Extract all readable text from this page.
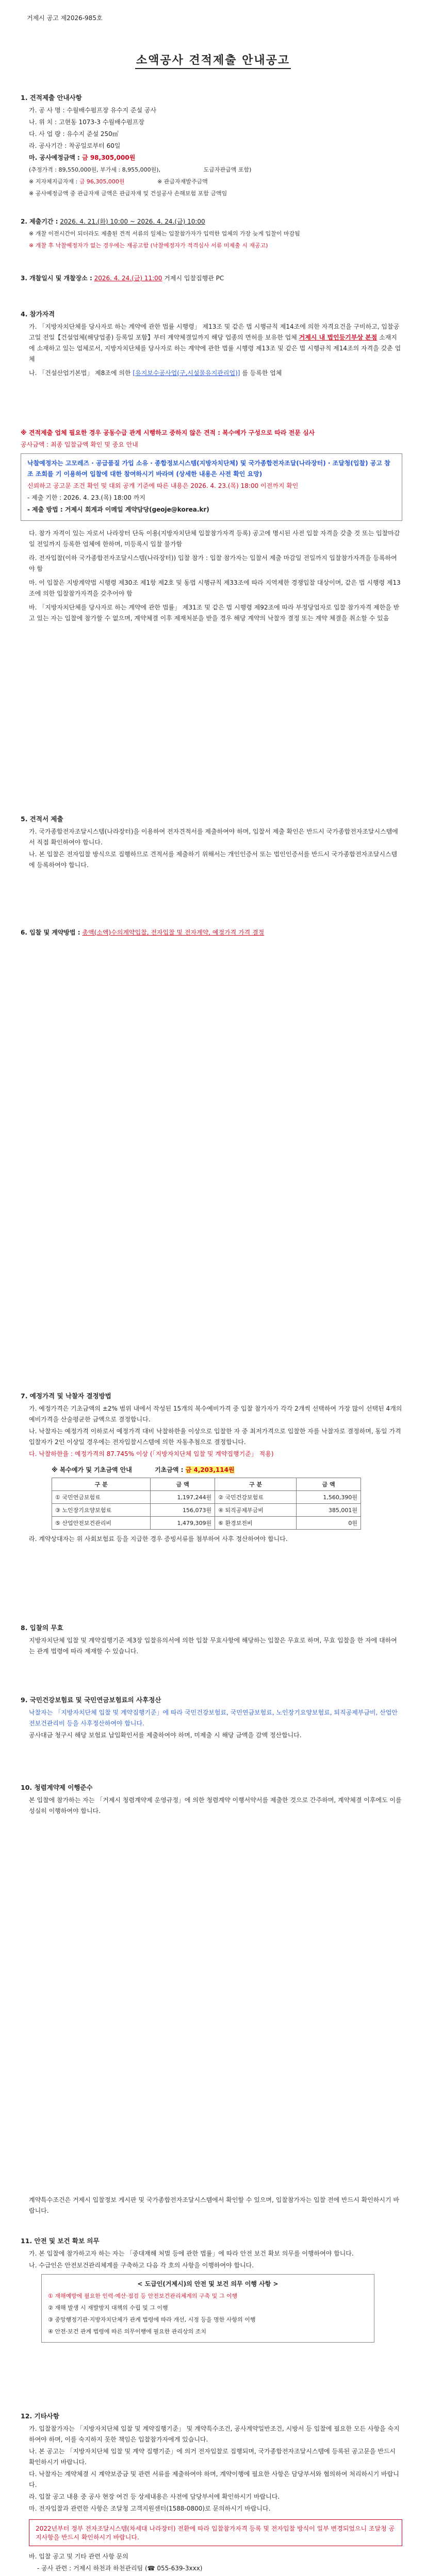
거제시 공고 제2026-985호
소액공사 견적제출 안내공고
1. 견적제출 안내사항
가. 공 사 명 : 수월배수펌프장 유수지 준설 공사
나. 위 치 : 고현동 1073-3 수월배수펌프장
다. 사 업 량 : 유수지 준설 250㎥
라. 공사기간 : 착공일로부터 60일
마. 공사예정금액 : 금 98,305,000원
(추정가격 : 89,550,000원, 부가세 : 8,955,000원),	도급자관급액 포함)
※ 지자체지급자재 : 금 96,305,000원	※ 관급자재발주금액
※ 공사예정금액 중 관급자재 금액은 관급자재 및 건설공사 손해보험 포함 금액임
2. 제출기간 : 2026. 4. 21.(화) 10:00 ~ 2026. 4. 24.(금) 10:00
※ 개찰 이전시간이 되더라도 제출된 견적 서류의 일체는 입찰참가자가 입력한 업체의 가장 늦게 입찰이 마감됨
※ 개찰 후 낙찰예정자가 없는 경우에는 재공고함 (낙찰예정자가 적격심사 서류 미제출 시 재공고)
3. 개찰일시 및 개찰장소 : 2026. 4. 24.(금) 11:00 거제시 입찰집행관 PC
4. 참가자격
가. 「지방자치단체를 당사자로 하는 계약에 관한 법률 시행령」 제13조 및 같은 법 시행규칙 제14조에 의한 자격요건을 구비하고, 입찰공고일 전일【건설업체(해당업종) 등록일 포함】부터 계약체결일까지 해당 업종의 면허를 보유한 업체 거제시 내 법인등기부상 본점 소재지에 소재하고 있는 업체로서, 지방자치단체를 당사자로 하는 계약에 관한 법률 시행령 제13조 및 같은 법 시행규칙 제14조의 자격을 갖춘 업체
나. 「건설산업기본법」 제8조에 의한 [유지보수공사업(구,시설물유지관리업)] 를 등록한 업체
※ 견적제출 업체 필요한 경우 공동수급 관계 시행하고 중하지 않은 견적 : 복수예가 구성으로 따라 전문 심사
공사금액 : 최종 입찰금액 확인 및 중요 안내
낙찰예정자는 고모레즈 · 공급품질 가입 소유 · 종합정보시스템(지방자치단체) 및 국가종합전자조달(나라장터) · 조달청(입찰) 공고 참조 조회를 기 이용하여 입찰에 대한 참여하시기 바라며 (상세한 내용은 사전 확인 요망)
신뢰하고 공고문 조건 확인 및 대외 공개 기준에 따른 내용은 2026. 4. 23.(목) 18:00 이전까지 확인
- 제출 기한 : 2026. 4. 23.(목) 18:00 까지
- 제출 방법 : 거제시 회계과 이메일 계약담당(geoje@korea.kr)
다. 참가 자격이 있는 자로서 나라장터 단독 이용(지방자치단체 입찰참가자격 등록) 공고에 명시된 사전 입찰 자격을 갖출 것 또는 입찰마감일 전일까지 등록한 업체에 한하며, 미등록시 입찰 불가함
라. 전자입찰(이하 국가종합전자조달시스템(나라장터)) 입찰 참가 : 입찰 참가자는 입찰서 제출 마감일 전일까지 입찰참가자격을 등록하여야 함
마. 이 입찰은 지방계약법 시행령 제30조 제1항 제2호 및 동법 시행규칙 제33조에 따라 지역제한 경쟁입찰 대상이며, 같은 법 시행령 제13조에 의한 입찰참가자격을 갖추어야 함
바. 「지방자치단체를 당사자로 하는 계약에 관한 법률」 제31조 및 같은 법 시행령 제92조에 따라 부정당업자로 입찰 참가자격 제한을 받고 있는 자는 입찰에 참가할 수 없으며, 계약체결 이후 제재처분을 받을 경우 해당 계약의 낙찰자 결정 또는 계약 체결을 취소할 수 있음
5. 견적서 제출
가. 국가종합전자조달시스템(나라장터)을 이용하여 전자견적서를 제출하여야 하며, 입찰서 제출 확인은 반드시 국가종합전자조달시스템에서 직접 확인하여야 합니다.
나. 본 입찰은 전자입찰 방식으로 집행하므로 견적서를 제출하기 위해서는 개인인증서 또는 법인인증서를 반드시 국가종합전자조달시스템에 등록하여야 합니다.
6. 입찰 및 계약방법 : 총액(소액)수의계약입찰, 전자입찰 및 전자계약, 예정가격 가격 결정
7. 예정가격 및 낙찰자 결정방법
가. 예정가격은 기초금액의 ±2% 범위 내에서 작성된 15개의 복수예비가격 중 입찰 참가자가 각각 2개씩 선택하여 가장 많이 선택된 4개의 예비가격을 산술평균한 금액으로 결정합니다.
나. 낙찰자는 예정가격 이하로서 예정가격 대비 낙찰하한율 이상으로 입찰한 자 중 최저가격으로 입찰한 자를 낙찰자로 결정하며, 동일 가격 입찰자가 2인 이상일 경우에는 전자입찰시스템에 의한 자동추첨으로 결정합니다.
다. 낙찰하한율 : 예정가격의 87.745% 이상 (「지방자치단체 입찰 및 계약집행기준」 적용)
※ 복수예가 및 기초금액 안내	기초금액 : 금 4,203,114원
구 분	금 액	구 분	금 액
① 국민연금보험료	1,197,244원	② 국민건강보험료	1,560,390원
③ 노인장기요양보험료	156,073원	④ 퇴직공제부금비	385,001원
⑤ 산업안전보건관리비	1,479,309원	⑥ 환경보전비	0원
라. 계약상대자는 위 사회보험료 등을 지급한 경우 증빙서류를 첨부하여 사후 정산하여야 합니다.
8. 입찰의 무효
지방자치단체 입찰 및 계약집행기준 제3장 입찰유의서에 의한 입찰 무효사항에 해당하는 입찰은 무효로 하며, 무효 입찰을 한 자에 대하여는 관계 법령에 따라 제재할 수 있습니다.
9. 국민건강보험료 및 국민연금보험료의 사후정산
낙찰자는 「지방자치단체 입찰 및 계약집행기준」에 따라 국민건강보험료, 국민연금보험료, 노인장기요양보험료, 퇴직공제부금비, 산업안전보건관리비 등을 사후정산하여야 합니다.
공사대금 청구시 해당 보험료 납입확인서를 제출하여야 하며, 미제출 시 해당 금액을 감액 정산합니다.
10. 청렴계약제 이행준수
본 입찰에 참가하는 자는 「거제시 청렴계약제 운영규정」에 의한 청렴계약 이행서약서를 제출한 것으로 간주하며, 계약체결 이후에도 이를 성실히 이행하여야 합니다.
계약특수조건은 거제시 입찰정보 게시판 및 국가종합전자조달시스템에서 확인할 수 있으며, 입찰참가자는 입찰 전에 반드시 확인하시기 바랍니다.
11. 안전 및 보건 확보 의무
가. 본 입찰에 참가하고자 하는 자는 「중대재해 처벌 등에 관한 법률」에 따라 안전 보건 확보 의무를 이행하여야 합니다.
나. 수급인은 안전보건관리체계를 구축하고 다음 각 호의 사항을 이행하여야 합니다.
< 도급인(거제시)의 안전 및 보건 의무 이행 사항 >
① 재해예방에 필요한 인력·예산·점검 등 안전보건관리체계의 구축 및 그 이행
② 재해 발생 시 재발방지 대책의 수립 및 그 이행
③ 중앙행정기관·지방자치단체가 관계 법령에 따라 개선, 시정 등을 명한 사항의 이행
④ 안전·보건 관계 법령에 따른 의무이행에 필요한 관리상의 조치
12. 기타사항
가. 입찰참가자는 「지방자치단체 입찰 및 계약집행기준」 및 계약특수조건, 공사계약일반조건, 시방서 등 입찰에 필요한 모든 사항을 숙지하여야 하며, 이를 숙지하지 못한 책임은 입찰참가자에게 있습니다.
나. 본 공고는 「지방자치단체 입찰 및 계약 집행기준」에 의거 전자입찰로 집행되며, 국가종합전자조달시스템에 등록된 공고문을 반드시 확인하시기 바랍니다.
다. 낙찰자는 계약체결 시 계약보증금 및 관련 서류를 제출하여야 하며, 계약이행에 필요한 사항은 담당부서와 협의하여 처리하시기 바랍니다.
라. 입찰 공고 내용 중 공사 현장 여건 등 상세내용은 사전에 담당부서에 확인하시기 바랍니다.
마. 전자입찰과 관련한 사항은 조달청 고객지원센터(1588-0800)로 문의하시기 바랍니다.
2022년부터 정부 전자조달시스템(차세대 나라장터) 전환에 따라 입찰참가자격 등록 및 전자입찰 방식이 일부 변경되었으니 조달청 공지사항을 반드시 확인하시기 바랍니다.
바. 입찰 공고 및 기타 관련 사항 문의
- 공사 관련 : 거제시 하천과 하천관리팀 (☎ 055-639-3xxx)
